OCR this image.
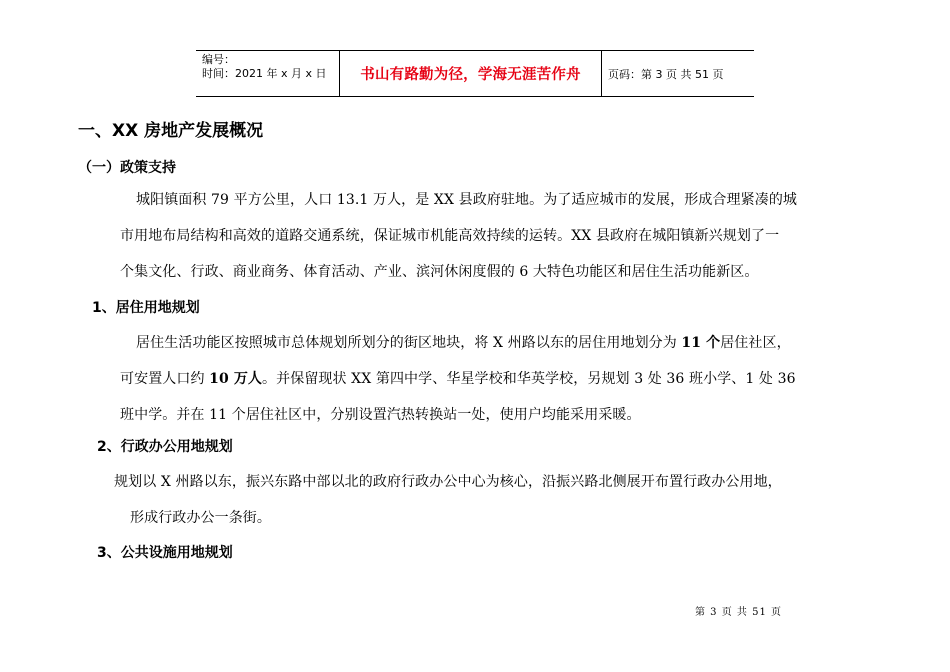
编号：
时间：2021 年 x 月 x 日	书山有路勤为径，学海无涯苦作舟 页码：第 3 页 共 51 页
一、XX 房地产发展概况
（一）政策支持
城阳镇面积 79 平方公里，人口 13.1 万人，是 XX 县政府驻地。为了适应城市的发展，形成合理紧凑的城
市用地布局结构和高效的道路交通系统，保证城市机能高效持续的运转。XX 县政府在城阳镇新兴规划了一
个集文化、行政、商业商务、体育活动、产业、滨河休闲度假的 6 大特色功能区和居住生活功能新区。
1、居住用地规划
居住生活功能区按照城市总体规划所划分的街区地块，将 X 州路以东的居住用地划分为 11 个居住社区，
可安置人口约 10 万人。并保留现状 XX 第四中学、华星学校和华英学校，另规划 3 处 36 班小学、1 处 36
班中学。并在 11 个居住社区中，分别设置汽热转换站一处，使用户均能采用采暖。
2、行政办公用地规划
规划以 X 州路以东，振兴东路中部以北的政府行政办公中心为核心，沿振兴路北侧展开布置行政办公用地，
形成行政办公一条街。
3、公共设施用地规划
第 3 页 共 51 页
